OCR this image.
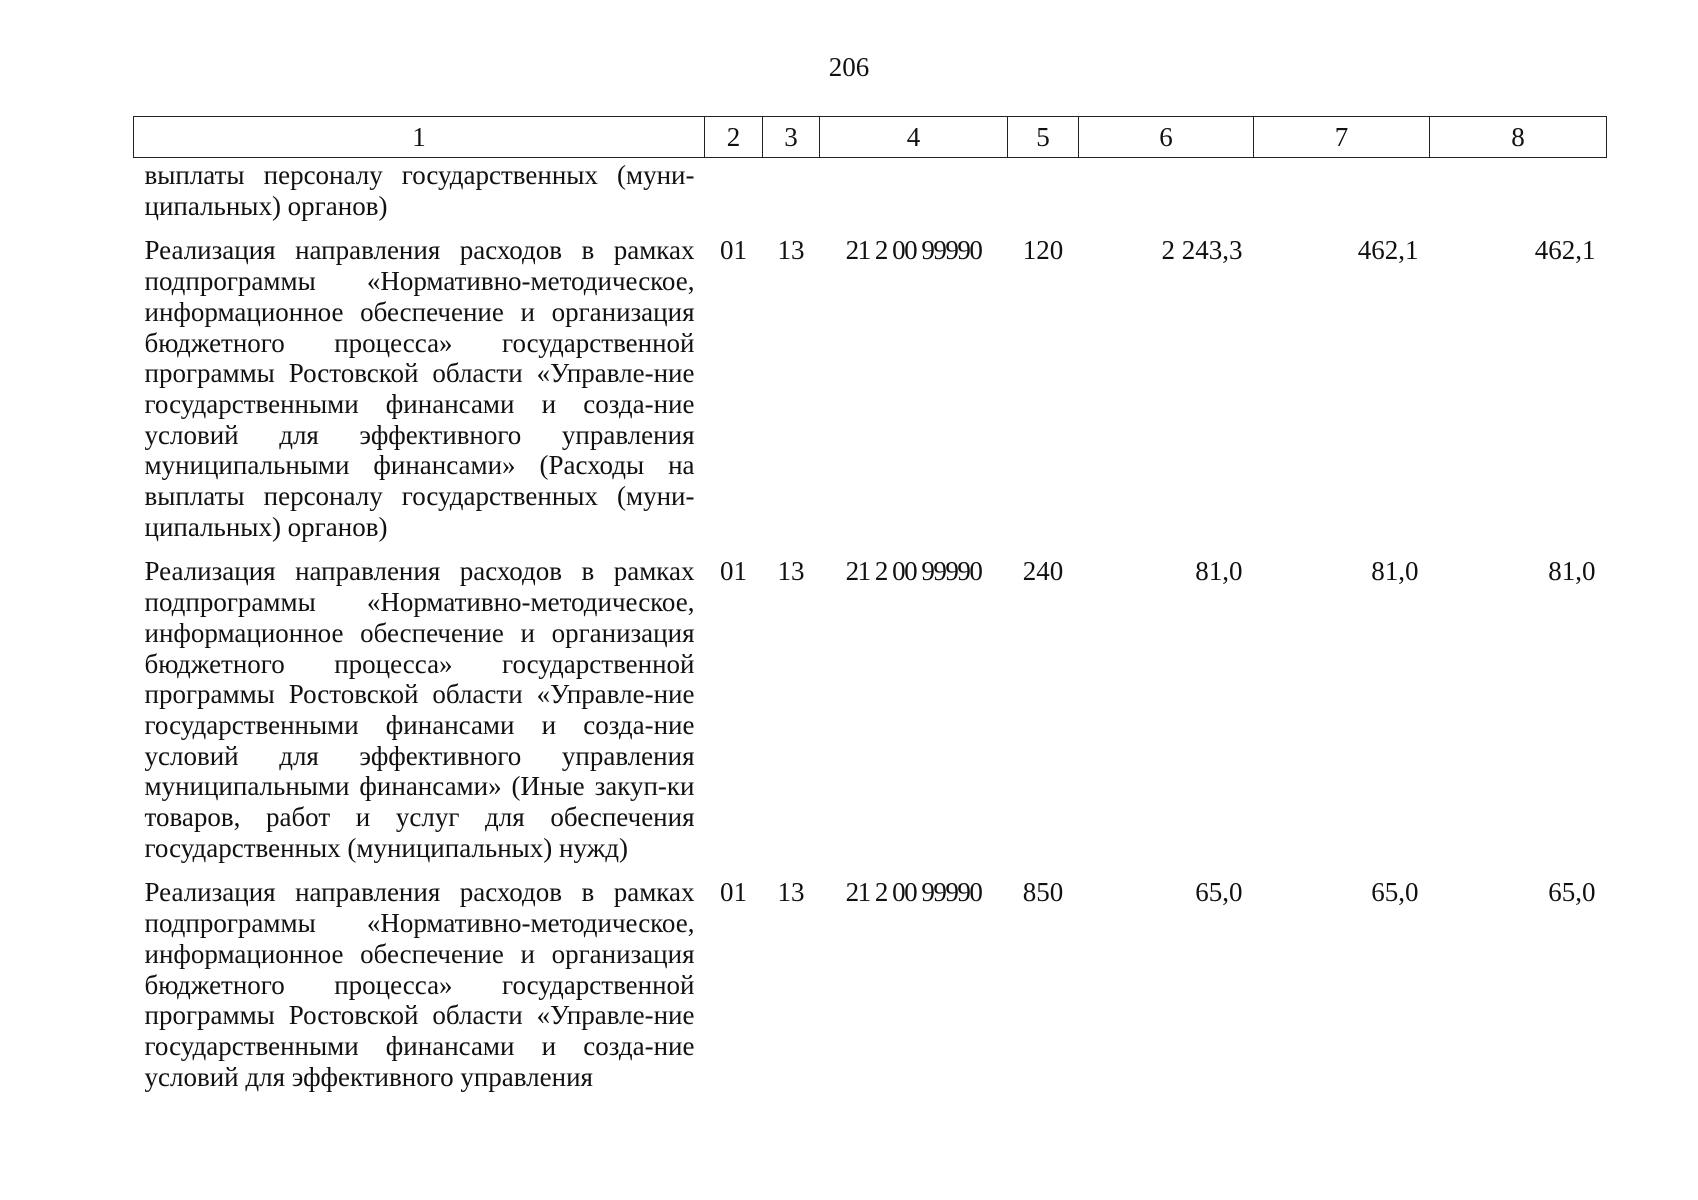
206
1	2	3	4	5	6	7	8
выплаты персоналу государственных (муни-ципальных) органов)							
Реализация направления расходов в рамках подпрограммы «Нормативно-методическое, информационное обеспечение и организация бюджетного процесса» государственной программы Ростовской области «Управле-ние государственными финансами и созда-ние условий для эффективного управления муниципальными финансами» (Расходы на выплаты персоналу государственных (муни-ципальных) органов)	01	13	21 2 00 99990	120	2 243,3	462,1	462,1
Реализация направления расходов в рамках подпрограммы «Нормативно-методическое, информационное обеспечение и организация бюджетного процесса» государственной программы Ростовской области «Управле-ние государственными финансами и созда-ние условий для эффективного управления муниципальными финансами» (Иные закуп-ки товаров, работ и услуг для обеспечения государственных (муниципальных) нужд)	01	13	21 2 00 99990	240	81,0	81,0	81,0
Реализация направления расходов в рамках подпрограммы «Нормативно-методическое, информационное обеспечение и организация бюджетного процесса» государственной программы Ростовской области «Управле-ние государственными финансами и созда-ние условий для эффективного управления	01	13	21 2 00 99990	850	65,0	65,0	65,0
